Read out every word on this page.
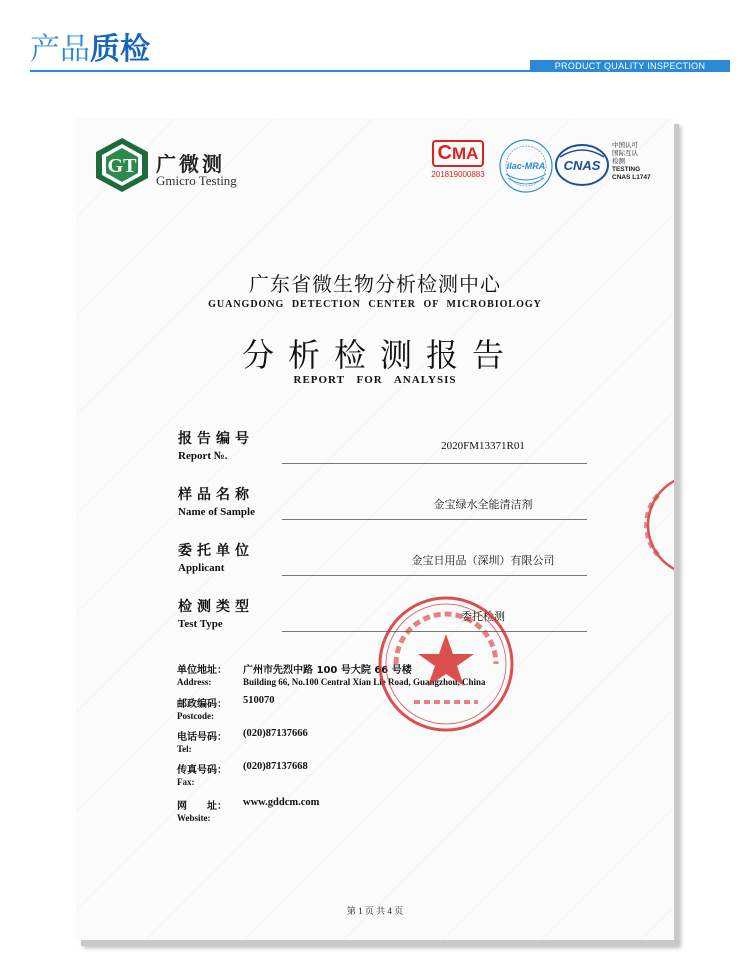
产品质检	PRODUCT QUALITY INSPECTION
GT 广微测
Gmicro Testing
CMA
201819000883
ilac-MRA CNAS
中国认可
国际互认
检测
TESTING
CNAS L1747
广东省微生物分析检测中心
GUANGDONG DETECTION CENTER OF MICROBIOLOGY
分析检测报告
REPORT FOR ANALYSIS
报告编号
Report №.
2020FM13371R01
样品名称
Name of Sample
金宝绿水全能清洁剂
委托单位
Applicant
金宝日用品（深圳）有限公司
检测类型
Test Type
委托检测
单位地址： 广州市先烈中路 100 号大院 66 号楼
Address:	Building 66, No.100 Central Xian Lie Road, Guangzhou, China
邮政编码： 510070
Postcode:
电话号码： (020)87137666
Tel:
传真号码： (020)87137668
Fax:
网　　址： www.gddcm.com
Website:
第 1 页 共 4 页
